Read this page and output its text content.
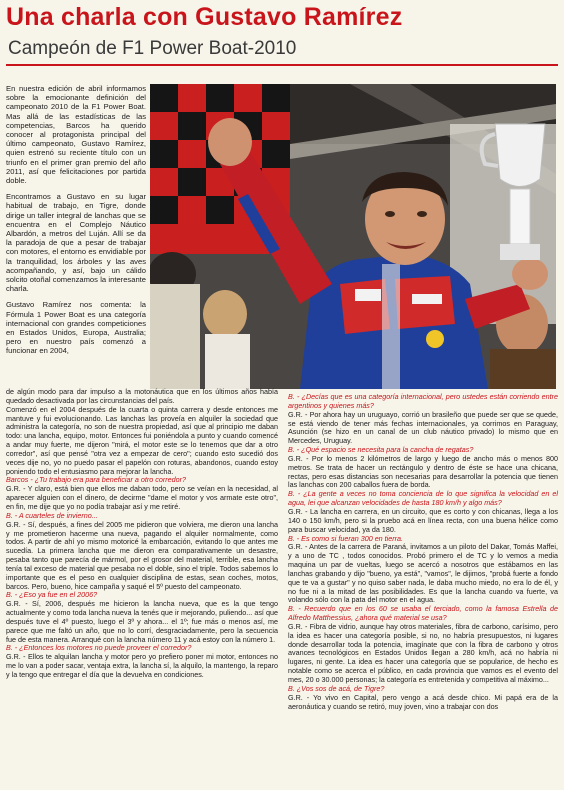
Una charla con Gustavo Ramírez
Campeón de F1 Power Boat-2010

En nuestra edición de abril informamos sobre la emocionante definición del campeonato 2010 de la F1 Power Boat. Mas allá de las estadísticas de las competencias, Barcos ha querido conocer al protagonista principal del último campeonato, Gustavo Ramírez, quien estrenó su reciente título con un triunfo en el primer gran premio del año 2011, así que felicitaciones por partida doble.

Encontramos a Gustavo en su lugar habitual de trabajo, en Tigre, donde dirige un taller integral de lanchas que se encuentra en el Complejo Náutico Albardón, a metros del Luján. Allí se da la paradoja de que a pesar de trabajar con motores, el entorno es envidiable por la tranquilidad, los árboles y las aves acompañando, y así, bajo un cálido solcito otoñal comenzamos la interesante charla.

Gustavo Ramírez nos comenta: la Fórmula 1 Power Boat es una categoría internacional con grandes competiciones en Estados Unidos, Europa, Australia; pero en nuestro país comenzó a funcionar en 2004,

de algún modo para dar impulso a la motonáutica que en los últimos años había quedado desactivada por las circunstancias del país.

Comenzó en el 2004 después de la cuarta o quinta carrera y desde entonces me mantuve y fui evolucionando. Las lanchas las proveía en alquiler la sociedad que administra la categoría, no son de nuestra propiedad, así que al principio me daban todo: una lancha, equipo, motor. Entonces fui poniéndola a punto y cuando comencé a andar muy fuerte, me dijeron "mirá, el motor este se lo tenemos que dar a otro corredor", así que pensé "otra vez a empezar de cero"; cuando esto sucedió dos veces dije no, yo no puedo pasar el papelón con roturas, abandonos, cuando estoy poniendo todo el entusiasmo para mejorar la lancha.

Barcos - ¿Tu trabajo era para beneficiar a otro corredor?

G.R. - Y claro, está bien que ellos me daban todo, pero se veían en la necesidad, al aparecer alguien con el dinero, de decirme "dame el motor y vos armate este otro", en fin, me dije que yo no podía trabajar así y me retiré.

B. - A cuarteles de invierno...

G.R. - Sí, después, a fines del 2005 me pidieron que volviera, me dieron una lancha y me prometieron hacerme una nueva, pagando el alquiler normalmente, como todos. A partir de ahí yo mismo motoricé la embarcación, evitando lo que antes me sucedía. La primera lancha que me dieron era comparativamente un desastre, pesaba tanto que parecía de mármol, por el grosor del material, terrible, esa lancha tenía tal exceso de material que pesaba no el doble, sino el triple. Todos sabemos lo importante que es el peso en cualquier disciplina de estas, sean coches, motos, barcos. Pero, bueno, hice campaña y saqué el 5º puesto del campeonato.

B. - ¿Eso ya fue en el 2006?

G.R. - Sí, 2006, después me hicieron la lancha nueva, que es la que tengo actualmente y como toda lancha nueva la tenés que ir mejorando, puliendo... así que después tuve el 4º puesto, luego el 3º y ahora... el 1º; fue más o menos así, me parece que me faltó un año, que no lo corrí, desgraciadamente, pero la secuencia fue de esta manera. Arranqué con la lancha número 11 y acá estoy con la número 1.

B. - ¿Entonces los motores no puede proveer el corredor?

G.R. - Ellos te alquilan lancha y motor pero yo prefiero poner mi motor, entonces no me lo van a poder sacar, ventaja extra, la lancha sí, la alquilo, la mantengo, la reparo y la tengo que entregar el día que la devuelva en condiciones.

B. - ¿Decías que es una categoría internacional, pero ustedes están corriendo entre argentinos y quienes más?

G.R. - Por ahora hay un uruguayo, corrió un brasileño que puede ser que se quede, se está viendo de tener más fechas internacionales, ya corrimos en Paraguay, Asunción (se hizo en un canal de un club náutico privado) lo mismo que en Mercedes, Uruguay.

B. - ¿Qué espacio se necesita para la cancha de regatas?

G.R. - Por lo menos 2 kilómetros de largo y luego de ancho más o menos 800 metros. Se trata de hacer un rectángulo y dentro de éste se hace una chicana, rectas, pero esas distancias son necesarias para desarrollar la potencia que tienen las lanchas con 200 caballos fuera de borda.

B. - ¿La gente a veces no toma conciencia de lo que significa la velocidad en el agua, lei que alcanzan velocidades de hasta 180 km/h y algo más?

G.R. - La lancha en carrera, en un circuito, que es corto y con chicanas, llega a los 140 o 150 km/h, pero si la pruebo acá en línea recta, con una buena hélice como para buscar velocidad, ya da 180.

B. - Es como si fueran 300 en tierra.

G.R. - Antes de la carrera de Paraná, invitamos a un piloto del Dakar, Tomás Maffei, y a uno de TC , todos conocidos. Probó primero el de TC y lo vemos a media maquina un par de vueltas, luego se acercó a nosotros que estábamos en las lanchas grabando y dijo "bueno, ya está", "vamos", le dijimos, "probá fuerte a fondo que te va a gustar" y no quiso saber nada, le daba mucho miedo, no era lo de él, y no fue ni a la mitad de las posibilidades. Es que la lancha cuando va fuerte, va volando sólo con la pata del motor en el agua.

B. - Recuerdo que en los 60 se usaba el terciado, como la famosa Estrella de Alfredo Matthessius, ¿ahora qué material se usa?

G.R. - Fibra de vidrio, aunque hay otros materiales, fibra de carbono, carísimo, pero la idea es hacer una categoría posible, si no, no habría presupuestos, ni lugares donde desarrollar toda la potencia, imagínate que con la fibra de carbono y otros avances tecnológicos en Estados Unidos llegan a 280 km/h, acá no habría ni lugares, ni gente. La idea es hacer una categoría que se popularice, de hecho es notable como se acerca el público, en cada provincia que vamos es el evento del mes, 20 o 30.000 personas; la categoría es entretenida y competitiva al máximo...

B. ¿Vos sos de acá, de Tigre?

G.R. - Yo vivo en Capital, pero vengo a acá desde chico. Mi papá era de la aeronáutica y cuando se retiró, muy joven, vino a trabajar con dos
